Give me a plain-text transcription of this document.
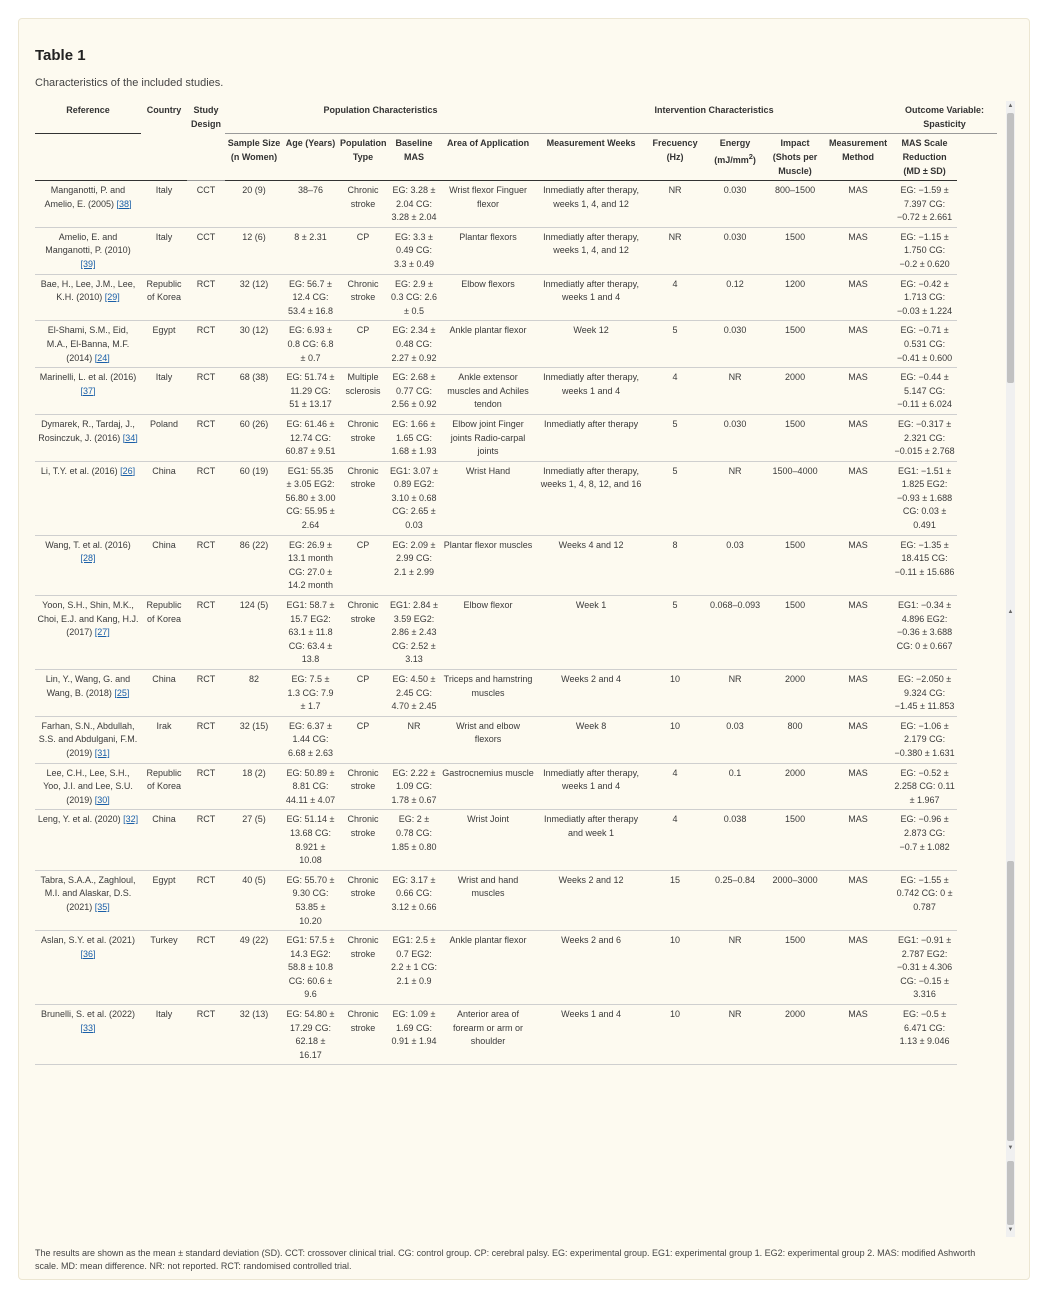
Table 1
Characteristics of the included studies.
Reference	Country	Study Design	Population Characteristics					Intervention Characteristics					Outcome Variable: Spasticity
			Sample Size (n Women)	Age (Years)	Population Type	Baseline MAS	Area of Application	Measurement Weeks	Frecuency (Hz)	Energy $(mJ/mm^2)$	Impact (Shots per Muscle)	Measurement Method	MAS Scale Reduction (MD ± SD)
Manganotti, P. and Amelio, E. (2005) [38]	Italy	CCT	20 (9)	38–76	Chronic stroke	EG: 3.28 ± 2.04 CG: 3.28 ± 2.04	Wrist flexor Finguer flexor	Inmediatly after therapy, weeks 1, 4, and 12	NR	0.030	800–1500	MAS	EG: −1.59 ± 7.397 CG: −0.72 ± 2.661
Amelio, E. and Manganotti, P. (2010) [39]	Italy	CCT	12 (6)	8 ± 2.31	CP	EG: 3.3 ± 0.49 CG: 3.3 ± 0.49	Plantar flexors	Inmediatly after therapy, weeks 1, 4, and 12	NR	0.030	1500	MAS	EG: −1.15 ± 1.750 CG: −0.2 ± 0.620
Bae, H., Lee, J.M., Lee, K.H. (2010) [29]	Republic of Korea	RCT	32 (12)	EG: 56.7 ± 12.4 CG: 53.4 ± 16.8	Chronic stroke	EG: 2.9 ± 0.3 CG: 2.6 ± 0.5	Elbow flexors	Inmediatly after therapy, weeks 1 and 4	4	0.12	1200	MAS	EG: −0.42 ± 1.713 CG: −0.03 ± 1.224
El-Shami, S.M., Eid, M.A., El-Banna, M.F. (2014) [24]	Egypt	RCT	30 (12)	EG: 6.93 ± 0.8 CG: 6.8 ± 0.7	CP	EG: 2.34 ± 0.48 CG: 2.27 ± 0.92	Ankle plantar flexor	Week 12	5	0.030	1500	MAS	EG: −0.71 ± 0.531 CG: −0.41 ± 0.600
Marinelli, L. et al. (2016) [37]	Italy	RCT	68 (38)	EG: 51.74 ± 11.29 CG: 51 ± 13.17	Multiple sclerosis	EG: 2.68 ± 0.77 CG: 2.56 ± 0.92	Ankle extensor muscles and Achiles tendon	Inmediatly after therapy, weeks 1 and 4	4	NR	2000	MAS	EG: −0.44 ± 5.147 CG: −0.11 ± 6.024
Dymarek, R., Tardaj, J., Rosinczuk, J. (2016) [34]	Poland	RCT	60 (26)	EG: 61.46 ± 12.74 CG: 60.87 ± 9.51	Chronic stroke	EG: 1.66 ± 1.65 CG: 1.68 ± 1.93	Elbow joint Finger joints Radio-carpal joints	Inmediatly after therapy	5	0.030	1500	MAS	EG: −0.317 ± 2.321 CG: −0.015 ± 2.768
Li, T.Y. et al. (2016) [26]	China	RCT	60 (19)	EG1: 55.35 ± 3.05 EG2: 56.80 ± 3.00 CG: 55.95 ± 2.64	Chronic stroke	EG1: 3.07 ± 0.89 EG2: 3.10 ± 0.68 CG: 2.65 ± 0.03	Wrist Hand	Inmediatly after therapy, weeks 1, 4, 8, 12, and 16	5	NR	1500–4000	MAS	EG1: −1.51 ± 1.825 EG2: −0.93 ± 1.688 CG: 0.03 ± 0.491
Wang, T. et al. (2016) [28]	China	RCT	86 (22)	EG: 26.9 ± 13.1 month CG: 27.0 ± 14.2 month	CP	EG: 2.09 ± 2.99 CG: 2.1 ± 2.99	Plantar flexor muscles	Weeks 4 and 12	8	0.03	1500	MAS	EG: −1.35 ± 18.415 CG: −0.11 ± 15.686
Yoon, S.H., Shin, M.K., Choi, E.J. and Kang, H.J. (2017) [27]	Republic of Korea	RCT	124 (5)	EG1: 58.7 ± 15.7 EG2: 63.1 ± 11.8 CG: 63.4 ± 13.8	Chronic stroke	EG1: 2.84 ± 3.59 EG2: 2.86 ± 2.43 CG: 2.52 ± 3.13	Elbow flexor	Week 1	5	0.068–0.093	1500	MAS	EG1: −0.34 ± 4.896 EG2: −0.36 ± 3.688 CG: 0 ± 0.667
Lin, Y., Wang, G. and Wang, B. (2018) [25]	China	RCT	82	EG: 7.5 ± 1.3 CG: 7.9 ± 1.7	CP	EG: 4.50 ± 2.45 CG: 4.70 ± 2.45	Triceps and hamstring muscles	Weeks 2 and 4	10	NR	2000	MAS	EG: −2.050 ± 9.324 CG: −1.45 ± 11.853
Farhan, S.N., Abdullah, S.S. and Abdulgani, F.M. (2019) [31]	Irak	RCT	32 (15)	EG: 6.37 ± 1.44 CG: 6.68 ± 2.63	CP	NR	Wrist and elbow flexors	Week 8	10	0.03	800	MAS	EG: −1.06 ± 2.179 CG: −0.380 ± 1.631
Lee, C.H., Lee, S.H., Yoo, J.I. and Lee, S.U. (2019) [30]	Republic of Korea	RCT	18 (2)	EG: 50.89 ± 8.81 CG: 44.11 ± 4.07	Chronic stroke	EG: 2.22 ± 1.09 CG: 1.78 ± 0.67	Gastrocnemius muscle	Inmediatly after therapy, weeks 1 and 4	4	0.1	2000	MAS	EG: −0.52 ± 2.258 CG: 0.11 ± 1.967
Leng, Y. et al. (2020) [32]	China	RCT	27 (5)	EG: 51.14 ± 13.68 CG: 8.921 ± 10.08	Chronic stroke	EG: 2 ± 0.78 CG: 1.85 ± 0.80	Wrist Joint	Inmediatly after therapy and week 1	4	0.038	1500	MAS	EG: −0.96 ± 2.873 CG: −0.7 ± 1.082
Tabra, S.A.A., Zaghloul, M.I. and Alaskar, D.S. (2021) [35]	Egypt	RCT	40 (5)	EG: 55.70 ± 9.30 CG: 53.85 ± 10.20	Chronic stroke	EG: 3.17 ± 0.66 CG: 3.12 ± 0.66	Wrist and hand muscles	Weeks 2 and 12	15	0.25–0.84	2000–3000	MAS	EG: −1.55 ± 0.742 CG: 0 ± 0.787
Aslan, S.Y. et al. (2021) [36]	Turkey	RCT	49 (22)	EG1: 57.5 ± 14.3 EG2: 58.8 ± 10.8 CG: 60.6 ± 9.6	Chronic stroke	EG1: 2.5 ± 0.7 EG2: 2.2 ± 1 CG: 2.1 ± 0.9	Ankle plantar flexor	Weeks 2 and 6	10	NR	1500	MAS	EG1: −0.91 ± 2.787 EG2: −0.31 ± 4.306 CG: −0.15 ± 3.316
Brunelli, S. et al. (2022) [33]	Italy	RCT	32 (13)	EG: 54.80 ± 17.29 CG: 62.18 ± 16.17	Chronic stroke	EG: 1.09 ± 1.69 CG: 0.91 ± 1.94	Anterior area of forearm or arm or shoulder	Weeks 1 and 4	10	NR	2000	MAS	EG: −0.5 ± 6.471 CG: 1.13 ± 9.046
▲
▲
▼
▼
The results are shown as the mean ± standard deviation (SD). CCT: crossover clinical trial. CG: control group. CP: cerebral palsy. EG: experimental group. EG1: experimental group 1. EG2: experimental group 2. MAS: modified Ashworth scale. MD: mean difference. NR: not reported. RCT: randomised controlled trial.
